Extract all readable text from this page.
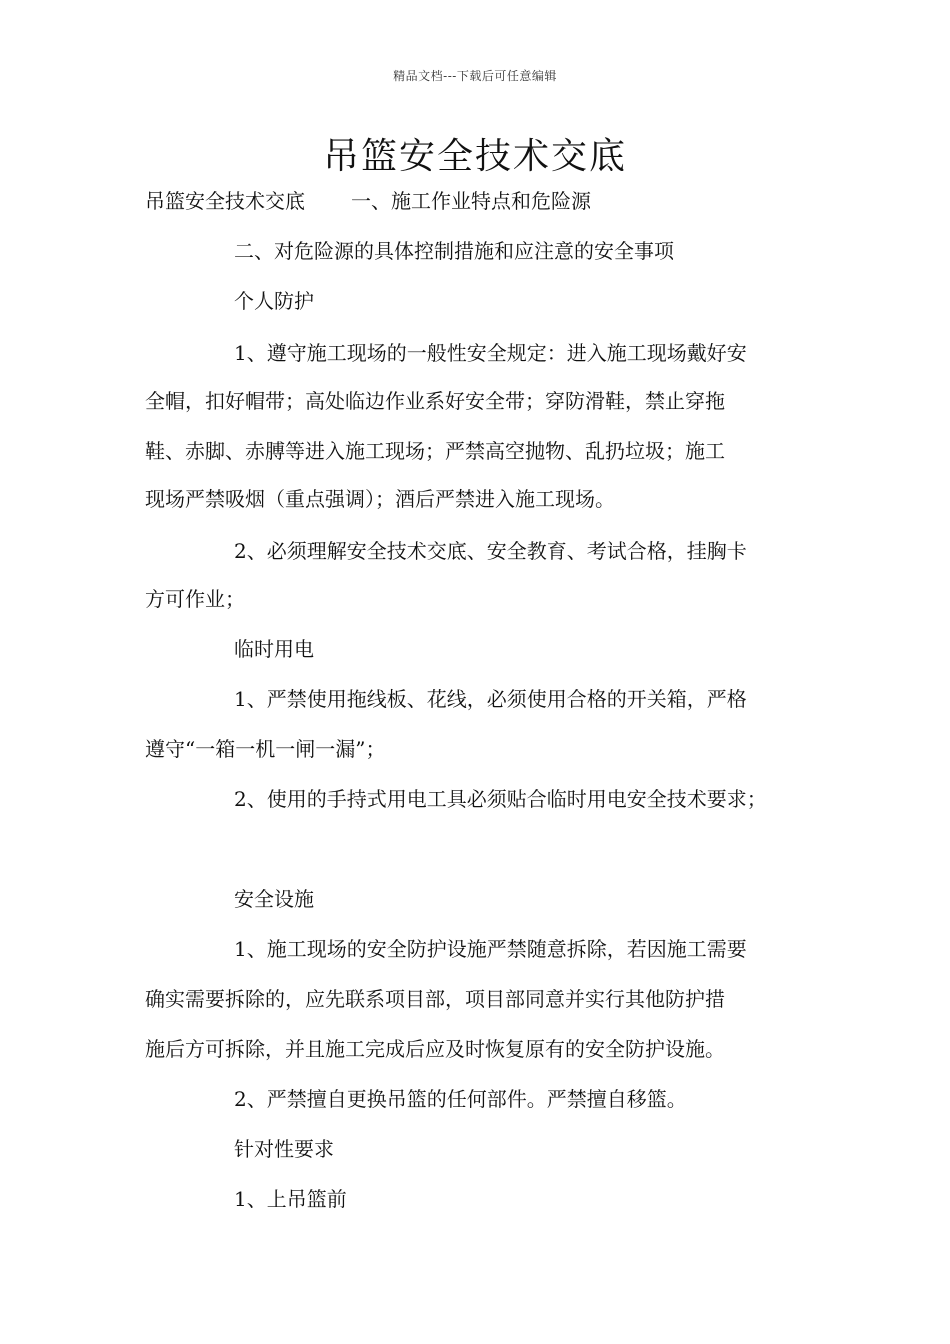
精品文档---下载后可任意编辑
吊篮安全技术交底
吊篮安全技术交底 一、施工作业特点和危险源
二、对危险源的具体控制措施和应注意的安全事项
个人防护
1、遵守施工现场的一般性安全规定：进入施工现场戴好安
全帽，扣好帽带；高处临边作业系好安全带；穿防滑鞋，禁止穿拖
鞋、赤脚、赤膊等进入施工现场；严禁高空抛物、乱扔垃圾；施工
现场严禁吸烟（重点强调）；酒后严禁进入施工现场。
2、必须理解安全技术交底、安全教育、考试合格，挂胸卡
方可作业；
临时用电
1、严禁使用拖线板、花线，必须使用合格的开关箱，严格
遵守“一箱一机一闸一漏”；
2、使用的手持式用电工具必须贴合临时用电安全技术要求；
安全设施
1、施工现场的安全防护设施严禁随意拆除，若因施工需要
确实需要拆除的，应先联系项目部，项目部同意并实行其他防护措
施后方可拆除，并且施工完成后应及时恢复原有的安全防护设施。
2、严禁擅自更换吊篮的任何部件。严禁擅自移篮。
针对性要求
1、上吊篮前
